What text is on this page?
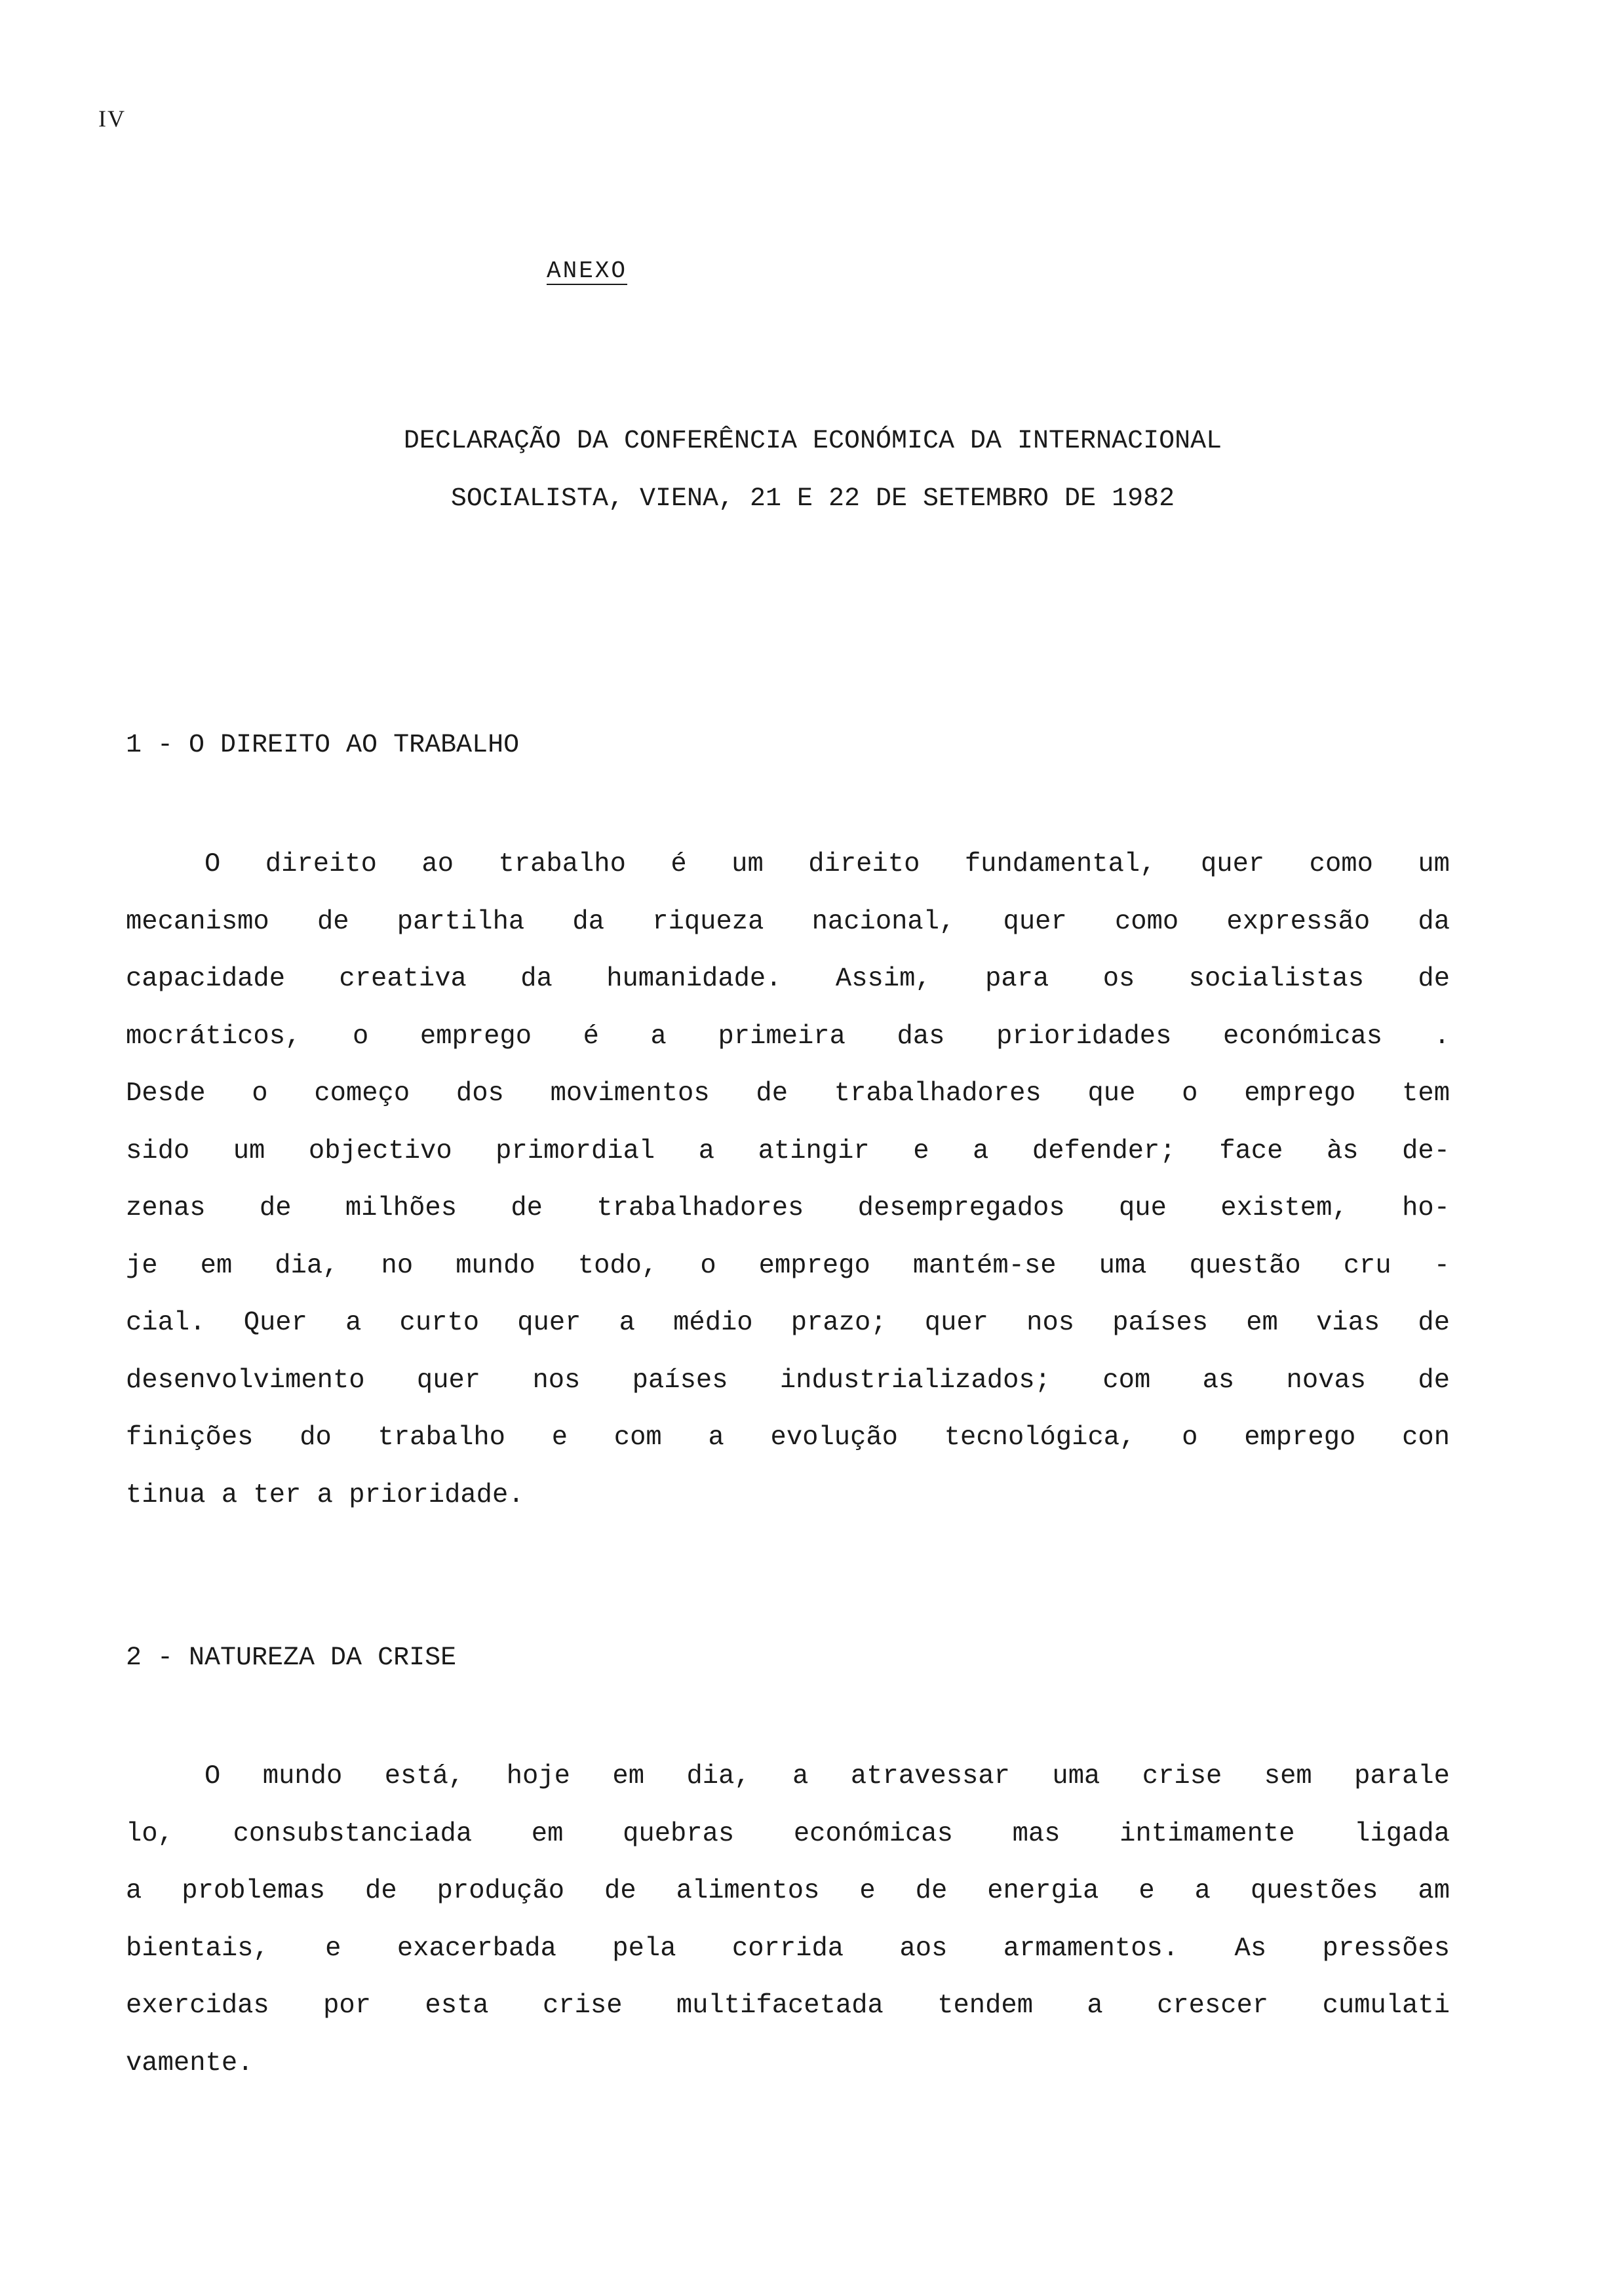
IV
ANEXO
DECLARAÇÃO DA CONFERÊNCIA ECONÓMICA DA INTERNACIONAL
SOCIALISTA, VIENA, 21 E 22 DE SETEMBRO DE 1982
1 - O DIREITO AO TRABALHO
O direito ao trabalho é um direito fundamental, quer como um
mecanismo de partilha da riqueza nacional, quer como expressão da
capacidade creativa da humanidade. Assim, para os socialistas de
mocráticos, o emprego é a primeira das prioridades económicas .
Desde o começo dos movimentos de trabalhadores que o emprego tem
sido um objectivo primordial a atingir e a defender; face às de-
zenas de milhões de trabalhadores desempregados que existem, ho-
je em dia, no mundo todo, o emprego mantém-se uma questão cru -
cial. Quer a curto quer a médio prazo; quer nos países em vias de
desenvolvimento quer nos países industrializados; com as novas de
finições do trabalho e com a evolução tecnológica, o emprego con
tinua a ter a prioridade.
2 - NATUREZA DA CRISE
O mundo está, hoje em dia, a atravessar uma crise sem parale
lo, consubstanciada em quebras económicas mas intimamente ligada
a problemas de produção de alimentos e de energia e a questões am
bientais, e exacerbada pela corrida aos armamentos. As pressões
exercidas por esta crise multifacetada tendem a crescer cumulati
vamente.
